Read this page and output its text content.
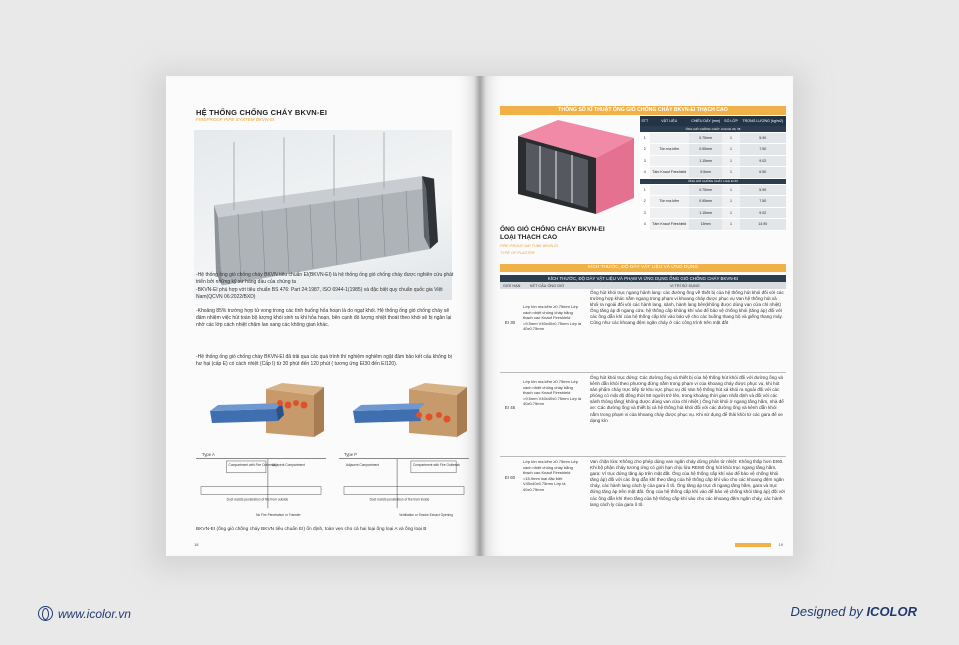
HỆ THỐNG CHỐNG CHÁY BKVN-EI
FIREPROOF PIPE SYSTEM BKVN-EI
-Hệ thống ống gió chống cháy BKVN tiêu chuẩn EI(BKVN-EI) là hệ thống ống gió chống cháy được nghiên cứu phát triển bởi những kỹ sư hàng đầu của chúng ta
-BKVN-EI phù hợp với tiêu chuẩn BS 476: Part 24:1987, ISO 6944-1(1985) và đặc biệt quy chuẩn quốc gia Việt Nam(QCVN 06:2022/BXD)
-Khoảng 85% trường hợp tử vong trong các tình huống hỏa hoạn là do ngạt khói. Hệ thống ống gió chống cháy sẽ đảm nhiệm việc hút toàn bộ lượng khói sinh ra khi hỏa hoạn, bên cạnh đó lượng nhiệt thoát theo khói sẽ bị ngăn lại nhờ các lớp cách nhiệt chậm lan sang các không gian khác.
-Hệ thống ống gió chống cháy BKVN-EI đã trải qua các quá trình thí nghiệm nghiêm ngặt đảm bảo kết cấu không bị hư hại (cấp E) có cách nhiệt (Cấp I) từ 30 phút đến 120 phút ( tương ứng EI30 đến EI120).
Type A	Type P
Compartment with Fire Outbreak
Adjacent Compartment
Duct resists penetration of fire from outside
No Fire Penetration or Transfer
Adjacent Compartment	Compartment with Fire Outbreak
Duct resists penetration of fire from inside
Ventilation or Smoke Extract Opening
BKVN-EI (ống gió chống cháy BKVN tiêu chuẩn EI) ổn định, toàn vẹn cho cả hai loại ống loại A và ống loại B
18
THÔNG SỐ KĨ THUẬT ỐNG GIÓ CHỐNG CHÁY BKVN-EI THẠCH CAO
STT	VẬT LIỆU	CHIỀU DÀY (mm)	SỐ LỚP	TRỌNG LƯỢNG (kg/m2)
ỐNG GIÓ CHỐNG CHÁY LOẠI EI 30, 45				
1		0.75mm	1	5.90
2	Tôn mạ kẽm	0.95mm	1	7.50
3		1.15mm	1	9.02
4	Tấm Knauf Fireshield	9.5mm	1	6.50
ỐNG GIÓ CHỐNG CHÁY LOẠI EI 60				
1		0.75mm	1	5.90
2	Tôn mạ kẽm	0.95mm	1	7.50
3		1.15mm	1	9.02
4	Tấm Knauf Fireshield	15mm	1	14.90
ỐNG GIÓ CHỐNG CHÁY BKVN-EI
LOẠI THẠCH CAO
FIRE-PROOF AIR TUBE BKVN-EI
TYPE OF PLASTER
KÍCH THƯỚC, ĐỘ DÀY VẬT LIỆU VÀ ỨNG DỤNG
KÍCH THƯỚC, ĐỘ DÀY VẬT LIỆU VÀ PHẠM VI ỨNG DỤNG ỐNG GIÓ CHỐNG CHÁY BKVN-EI
GIỚI HẠN	KẾT CẤU ỐNG GIÓ	VỊ TRÍ SỬ DỤNG
EI 30
Lớp tôn mạ kẽm ≥0.75mm Lớp cách nhiệt chống cháy bằng thạch cao Knauf Fireshield =9.5mm V40x40x0.75mm Lớp lá 40x0.75mm
Ống hút khói trục ngang hành lang: các đường ống về thiết bị của hệ thống hút khói đối với các trường hợp khác nằm ngang trong phạm vi khoang cháy được phục vụ Van hệ thống hút xả khói ra ngoài đối với các hành lang, sảnh, hành lang bên(không được dùng van cửa chỉ nhiệt) Ống tăng áp đi ngang cửa: hệ thống cấp không khí vào để bảo vệ chống khói (tăng áp) đối với các ống dẫn khí của hệ thống cấp khí vào bảo vệ cho các buồng thang bộ và giếng thang máy. Cũng như các khoang đệm ngăn cháy ở các công trình trên mặt đất
EI 45
Lớp tôn mạ kẽm ≥0.75mm Lớp cách nhiệt chống cháy bằng thạch cao Knauf Fireshield =9.5mm V40x40x0.75mm Lớp lá 40x0.75mm
Ống hút khói trục đứng: Các đường ống và thiết bị của hệ thống hút khói đối với đường ống và kênh dẫn khói theo phương đứng nằm trong phạm vi của khoang cháy được phục vụ, khi hút sản phẩm cháy trực tiếp từ khu vực phục vụ đó Van hệ thống hút xả khói ra ngoài đối với các phòng có mật độ đông thời 50 người trở lên, trong khoảng thời gian nhất định và đối với các sảnh thông tầng( không được dùng van cửa chỉ nhiệt ) Ống hút khói ở ngang tầng hầm, nhà để xe: Các đường ống và thiết bị cả hệ thống hút khói đối với các đường ống và kênh dẫn khói nằm trong phạm vi của khoang cháy được phục vụ. Khi sử dụng để thải khói từ các gara để xe dạng kín
EI 60
Lớp tôn mạ kẽm ≥0.75mm Lớp cách nhiệt chống cháy bằng thạch cao Knauf Fireshield =15.9mm loại đặc biệt V40x40x0.75mm Lớp lá 40x0.75mm
Van chặn lửa: Không cho phép dùng van ngăn cháy dừng phân từ nhiệt: Không thấp hơn EI60. Khi bộ phận cháy tương ứng có giới hạn chịu lửa REI60 Ống hút khói trục ngang tầng hầm, gara: Ví trục đứng tăng áp trên mặt đất. Ống của hệ thống cấp khí vào để bảo vệ chống khói tăng áp) đối với các ống dẫn khí theo tầng của hệ thống cấp khí vào cho các khoang đệm ngăn cháy, các hành lang cách ly của gara ô tô. Ống tăng áp trục đi ngang tầng hầm, gara và trục đứng tăng áp trên mặt đất. Ống của hệ thống cấp khí vào để bảo vệ chống khói tăng áp) đối với các ống dẫn khí theo tầng của hệ thống cấp khí vào cho các khoang đệm ngăn cháy, các hành lang cách ly của gara ô tô.
19
www.icolor.vn	Designed by ICOLOR
